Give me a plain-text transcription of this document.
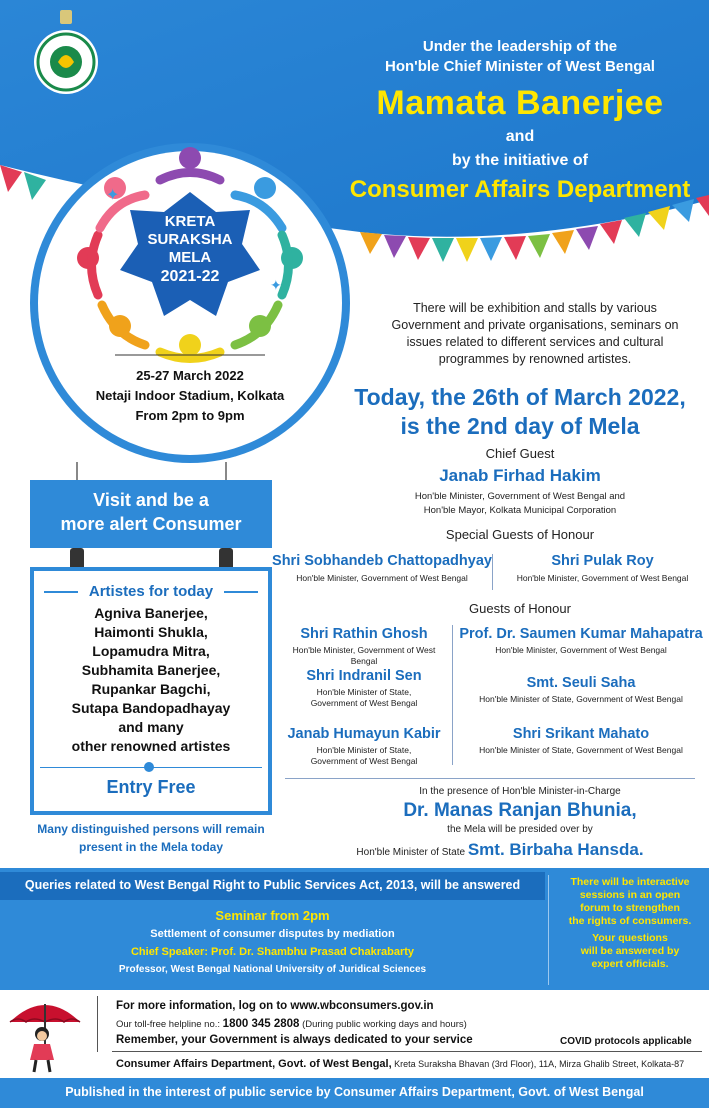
Under the leadership of the
Hon'ble Chief Minister of West Bengal
Mamata Banerjee
and
by the initiative of
Consumer Affairs Department
KRETA
SURAKSHA
MELA
2021-22
✦
✦
25-27 March 2022
Netaji Indoor Stadium, Kolkata
From 2pm to 9pm
There will be exhibition and stalls by various
Government and private organisations, seminars on
issues related to different services and cultural
programmes by renowned artistes.
Today, the 26th of March 2022,
is the 2nd day of Mela
Chief Guest
Janab Firhad Hakim
Hon'ble Minister, Government of West Bengal and
Hon'ble Mayor, Kolkata Municipal Corporation
Special Guests of Honour
Shri Sobhandeb Chattopadhyay
Hon'ble Minister, Government of West Bengal
Shri Pulak Roy
Hon'ble Minister, Government of West Bengal
Guests of Honour
Shri Rathin Ghosh
Hon'ble Minister, Government of West Bengal
Prof. Dr. Saumen Kumar Mahapatra
Hon'ble Minister, Government of West Bengal
Shri Indranil Sen
Hon'ble Minister of State,
Government of West Bengal
Smt. Seuli Saha
Hon'ble Minister of State, Government of West Bengal
Janab Humayun Kabir
Hon'ble Minister of State,
Government of West Bengal
Shri Srikant Mahato
Hon'ble Minister of State, Government of West Bengal
In the presence of Hon'ble Minister-in-Charge
Dr. Manas Ranjan Bhunia,
the Mela will be presided over by
Hon'ble Minister of State Smt. Birbaha Hansda.
Visit and be a
more alert Consumer
Artistes for today
Agniva Banerjee,
Haimonti Shukla,
Lopamudra Mitra,
Subhamita Banerjee,
Rupankar Bagchi,
Sutapa Bandopadhayay
and many
other renowned artistes
Entry Free
Many distinguished persons will remain
present in the Mela today
Queries related to West Bengal Right to Public Services Act, 2013, will be answered
Seminar from 2pm
Settlement of consumer disputes by mediation
Chief Speaker: Prof. Dr. Shambhu Prasad Chakrabarty
Professor, West Bengal National University of Juridical Sciences
There will be interactive
sessions in an open
forum to strengthen
the rights of consumers.
Your questions
will be answered by
expert officials.
For more information, log on to www.wbconsumers.gov.in
Our toll-free helpline no.: 1800 345 2808 (During public working days and hours)
Remember, your Government is always dedicated to your service	COVID protocols applicable
Consumer Affairs Department, Govt. of West Bengal, Kreta Suraksha Bhavan (3rd Floor), 11A, Mirza Ghalib Street, Kolkata-87
Published in the interest of public service by Consumer Affairs Department, Govt. of West Bengal
